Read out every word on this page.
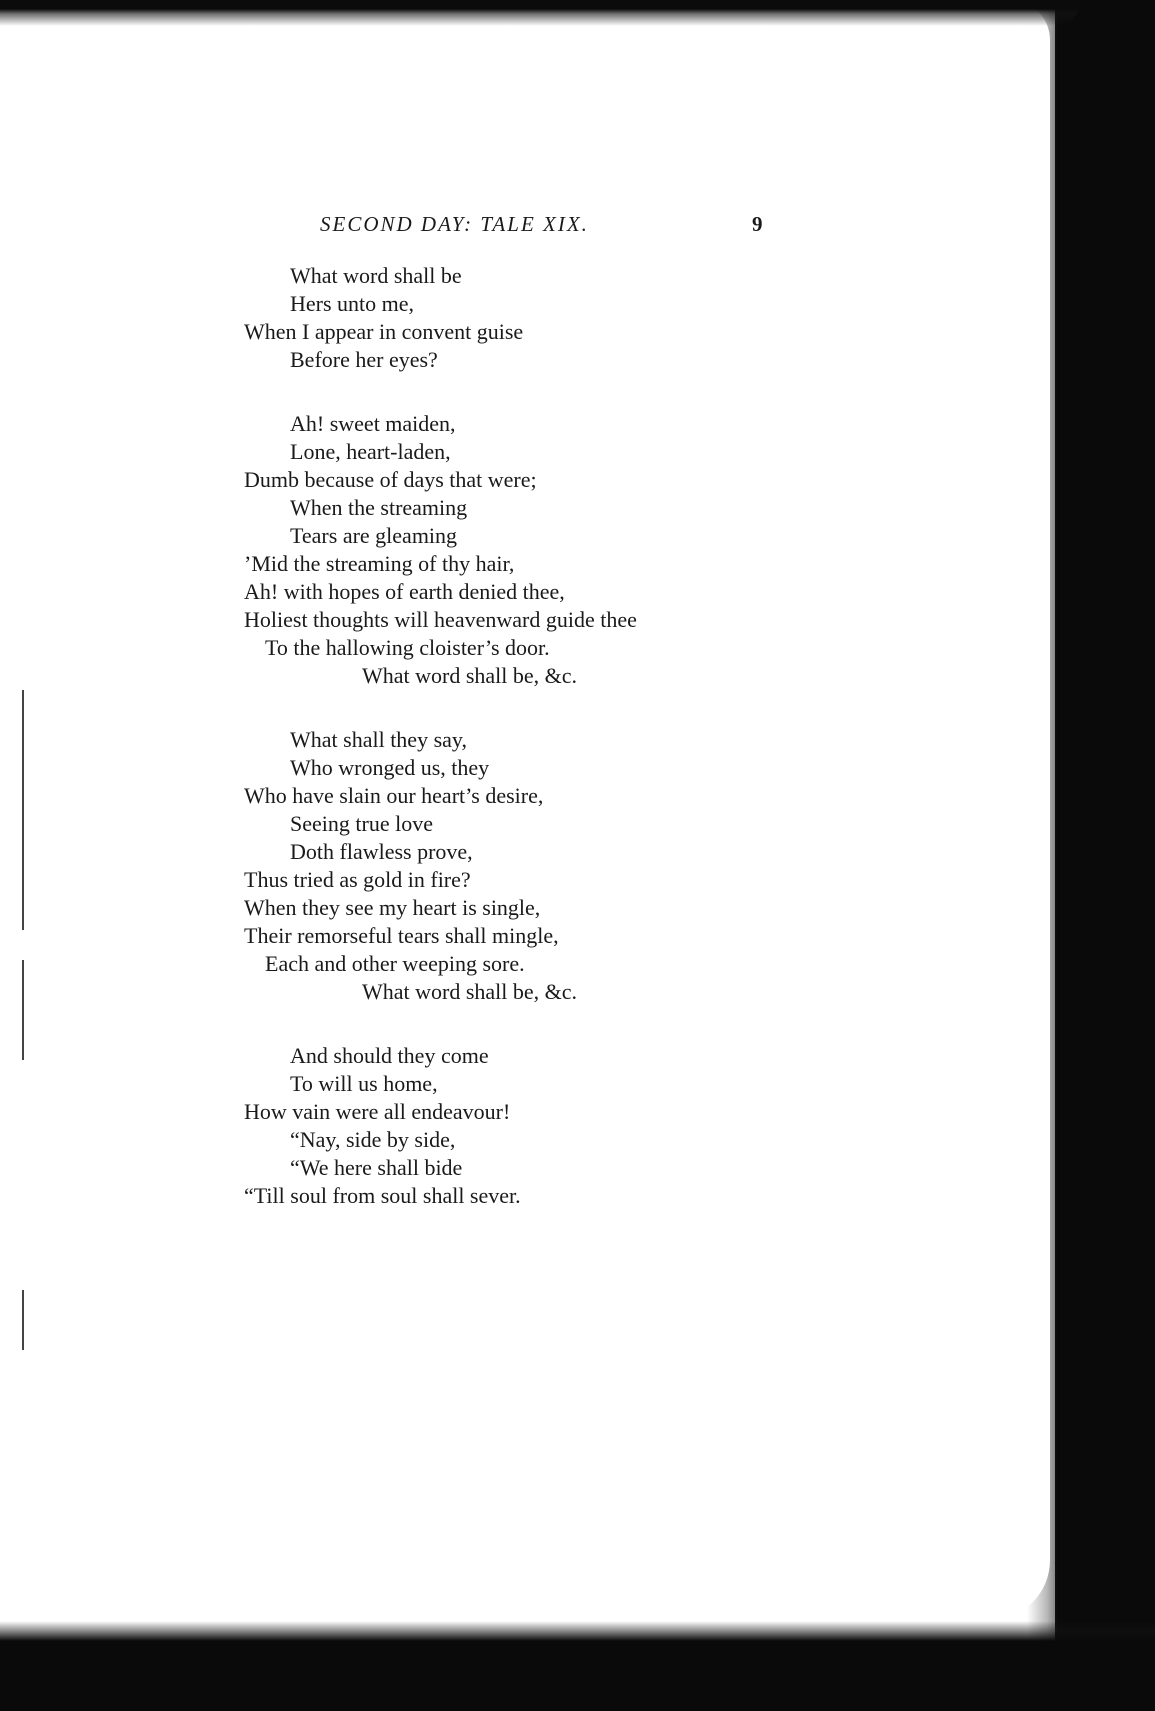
SECOND DAY: TALE XIX.	9
What word shall be
Hers unto me,
When I appear in convent guise
Before her eyes?
Ah! sweet maiden,
Lone, heart-laden,
Dumb because of days that were;
When the streaming
Tears are gleaming
’Mid the streaming of thy hair,
Ah! with hopes of earth denied thee,
Holiest thoughts will heavenward guide thee
To the hallowing cloister’s door.
What word shall be, &c.
What shall they say,
Who wronged us, they
Who have slain our heart’s desire,
Seeing true love
Doth flawless prove,
Thus tried as gold in fire?
When they see my heart is single,
Their remorseful tears shall mingle,
Each and other weeping sore.
What word shall be, &c.
And should they come
To will us home,
How vain were all endeavour!
“Nay, side by side,
“We here shall bide
“Till soul from soul shall sever.
